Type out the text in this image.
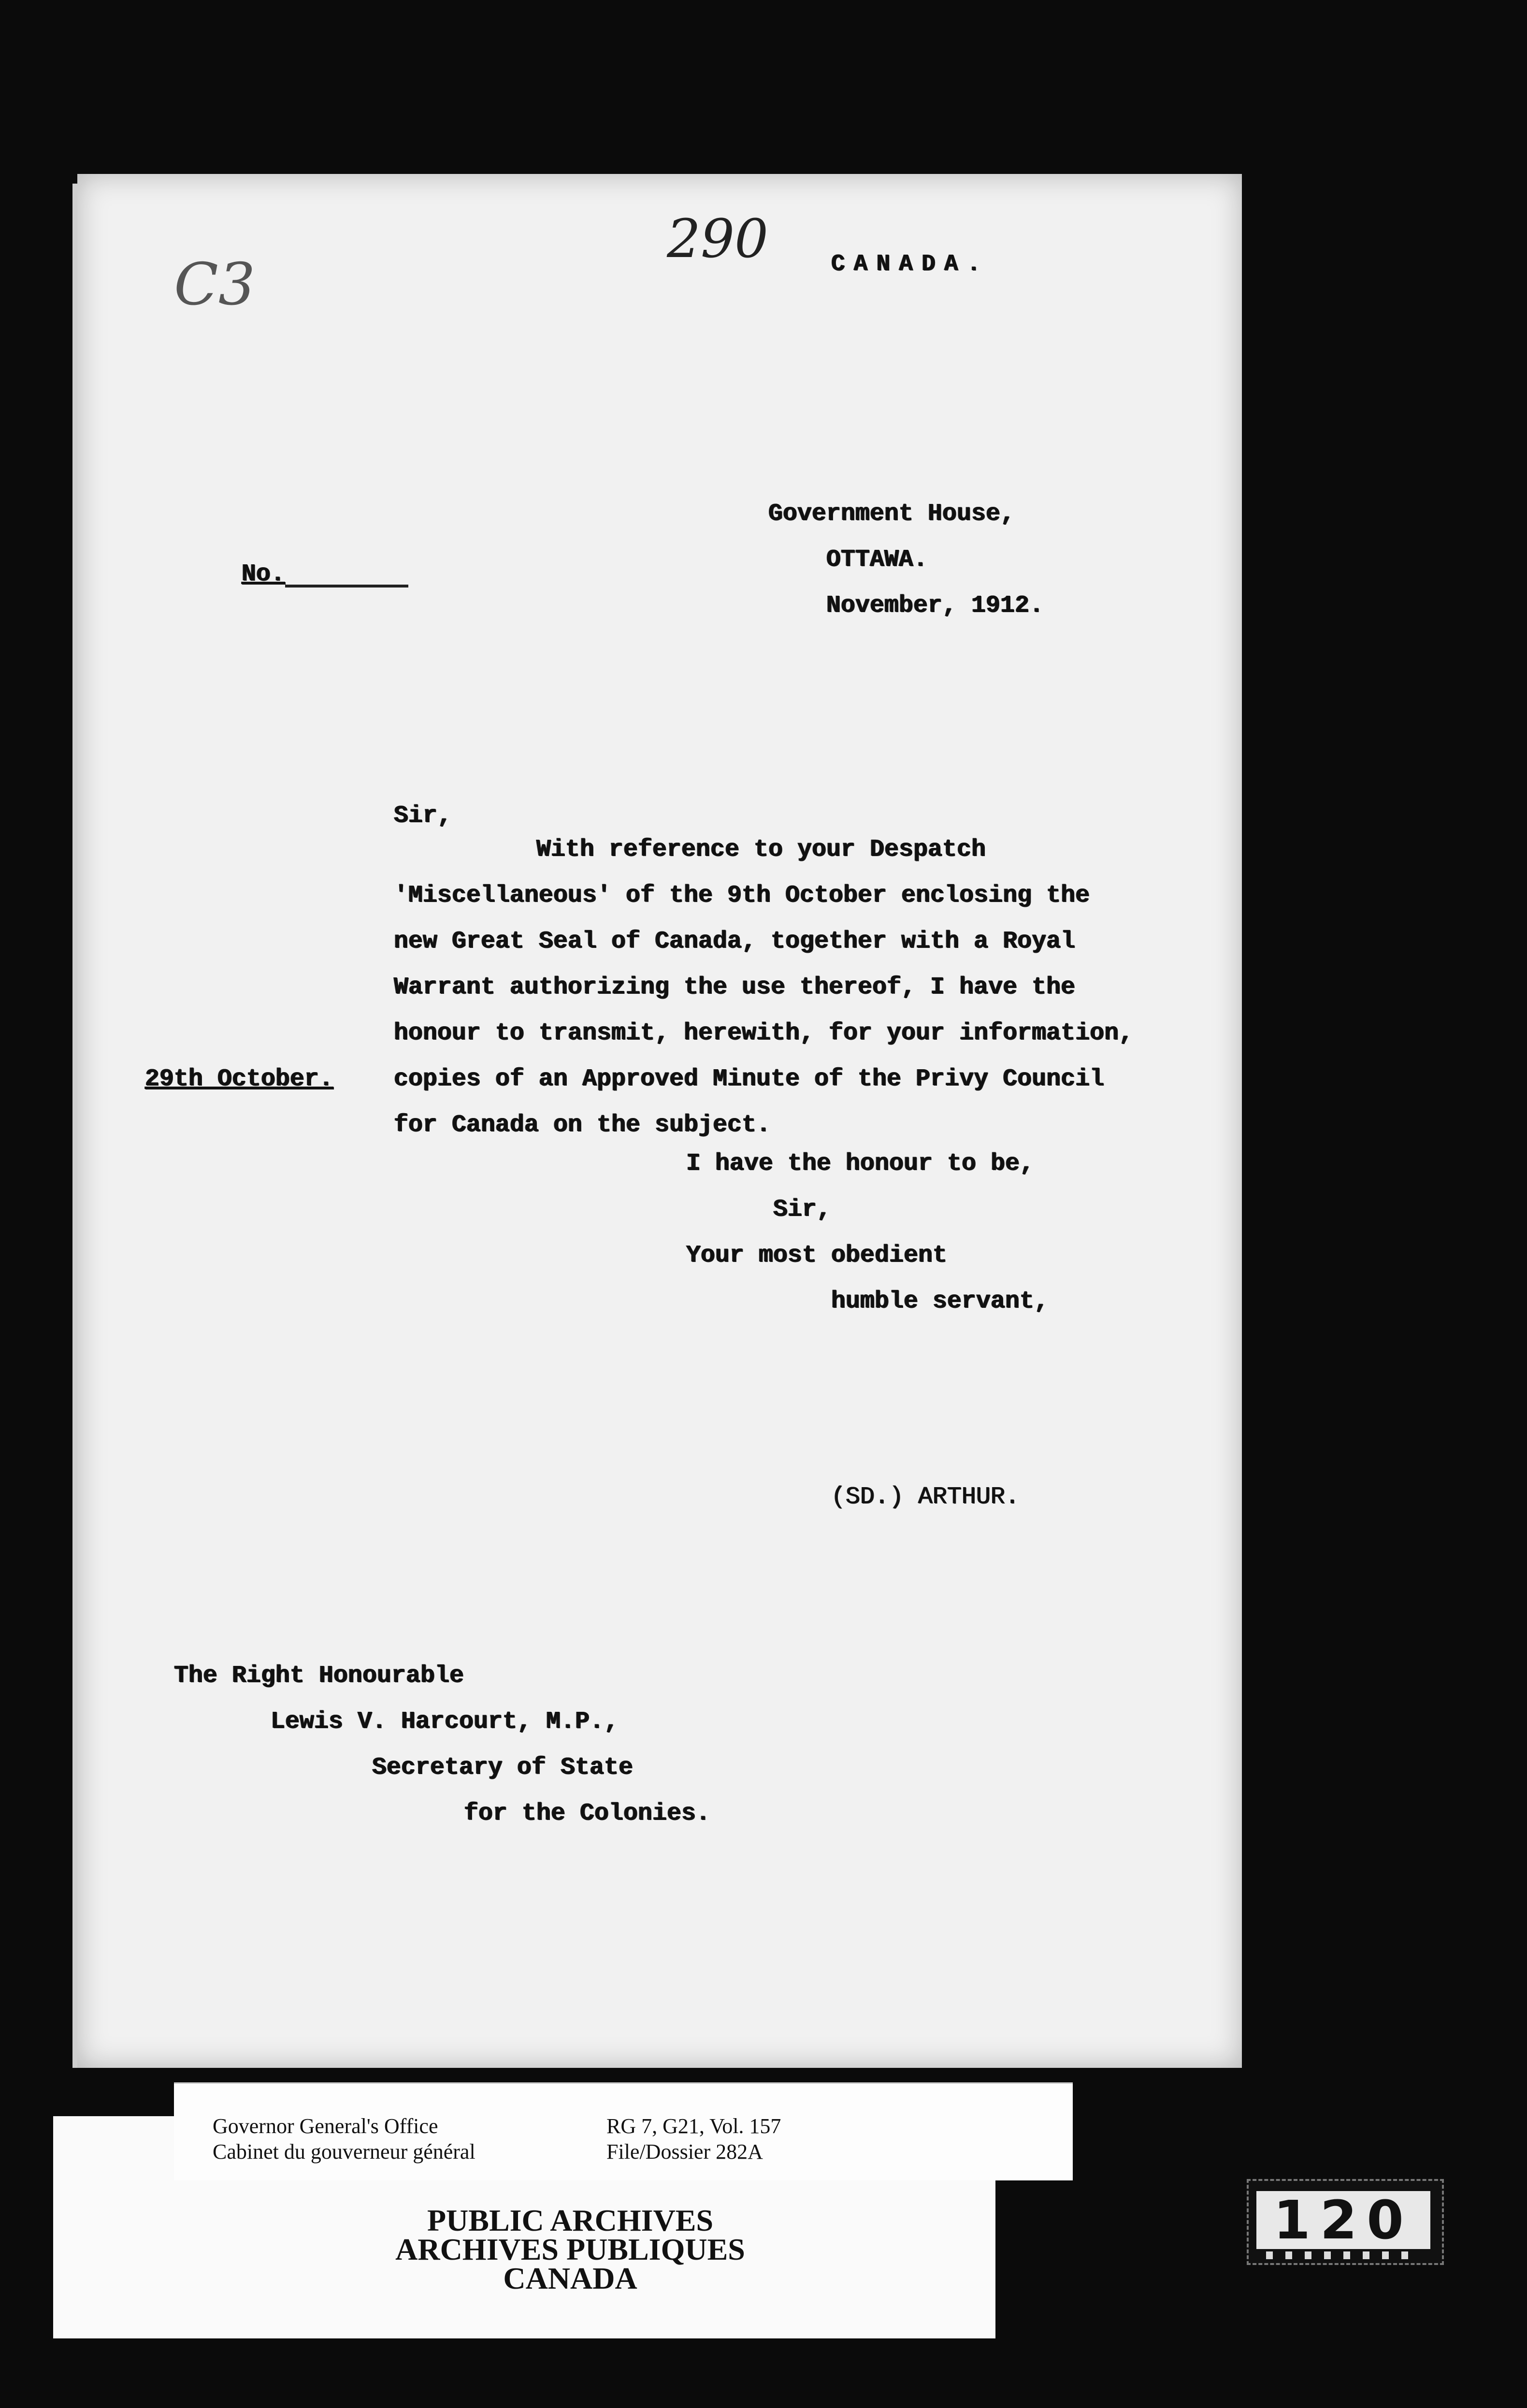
C3
290	CANADA.
Government House,
OTTAWA.
November, 1912.
No.
Sir,
With reference to your Despatch
'Miscellaneous' of the 9th October enclosing the
new Great Seal of Canada, together with a Royal
Warrant authorizing the use thereof, I have the
honour to transmit, herewith, for your information,
copies of an Approved Minute of the Privy Council
for Canada on the subject.
29th October.
I have the honour to be,
Sir,
Your most obedient
humble servant,
(SD.) ARTHUR.
The Right Honourable
Lewis V. Harcourt, M.P.,
Secretary of State
for the Colonies.
Governor General's Office
Cabinet du gouverneur général
RG 7, G21, Vol. 157
File/Dossier 282A
PUBLIC ARCHIVES
ARCHIVES PUBLIQUES
CANADA
120
